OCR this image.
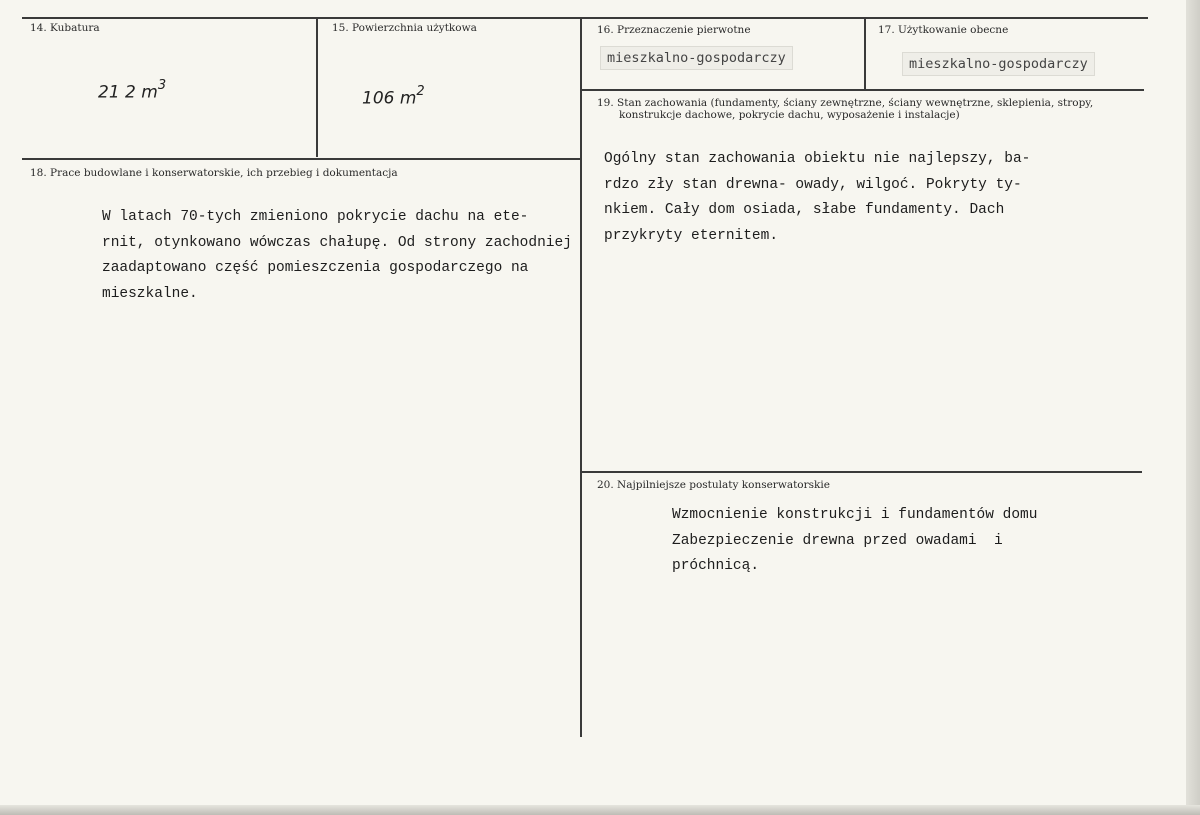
14. Kubatura
21 2 $m^3$
15. Powierzchnia użytkowa
106 $m^2$
16. Przeznaczenie pierwotne
mieszkalno-gospodarczy
17. Użytkowanie obecne
mieszkalno-gospodarczy
18. Prace budowlane i konserwatorskie, ich przebieg i dokumentacja
W latach 70-tych zmieniono pokrycie dachu na ete-
rnit, otynkowano wówczas chałupę. Od strony zachodniej
zaadaptowano część pomieszczenia gospodarczego na
mieszkalne.
19. Stan zachowania (fundamenty, ściany zewnętrzne, ściany wewnętrzne, sklepienia, stropy,
konstrukcje dachowe, pokrycie dachu, wyposażenie i instalacje)
Ogólny stan zachowania obiektu nie najlepszy, ba-
rdzo zły stan drewna- owady, wilgoć. Pokryty ty-
nkiem. Cały dom osiada, słabe fundamenty. Dach
przykryty eternitem.
20. Najpilniejsze postulaty konserwatorskie
Wzmocnienie konstrukcji i fundamentów domu
Zabezpieczenie drewna przed owadami  i
próchnicą.
